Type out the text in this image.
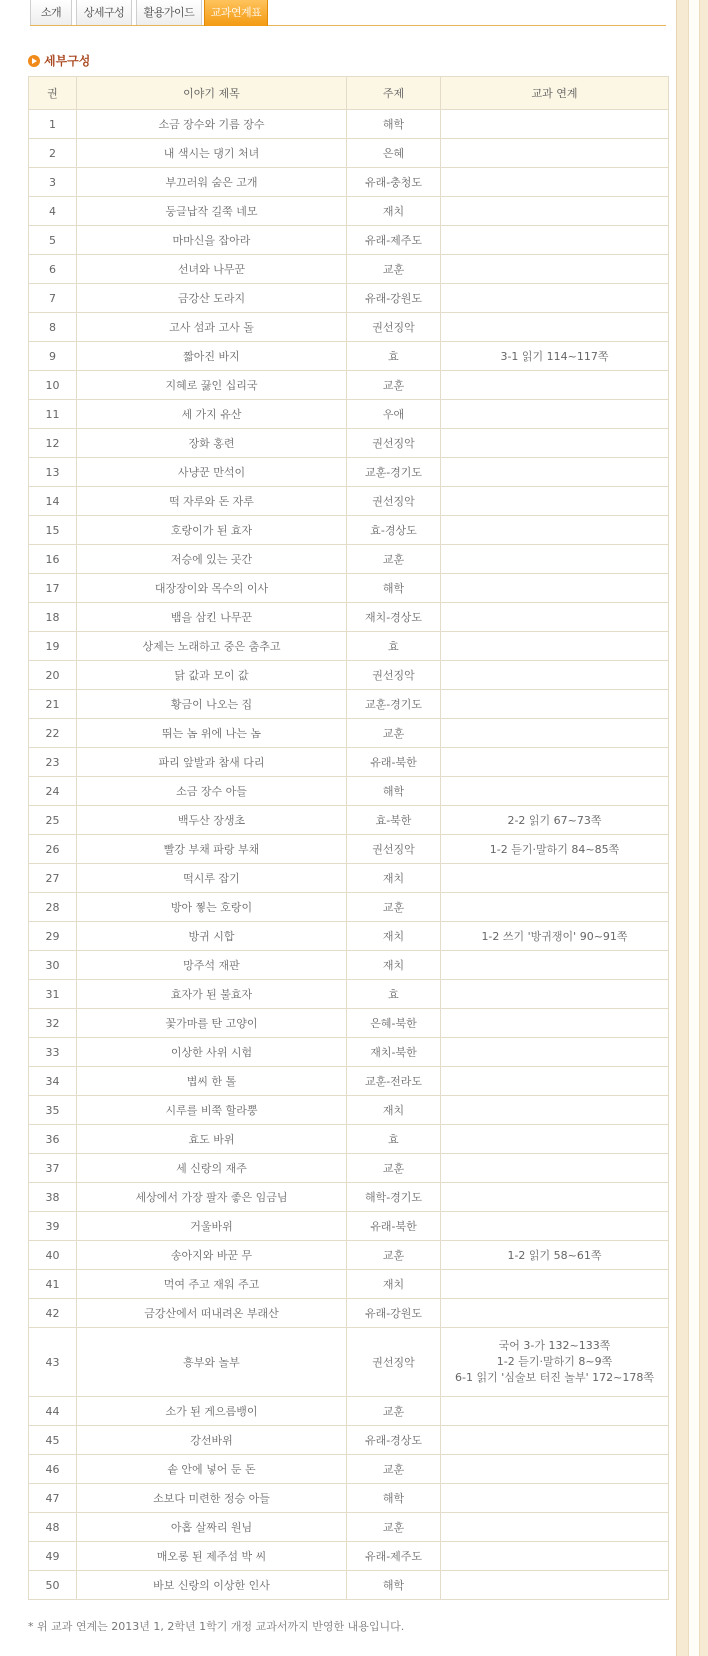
소개	상세구성	활용가이드	교과연계표
세부구성
권	이야기 제목	주제	교과 연계
1	소금 장수와 기름 장수	해학	
2	내 색시는 댕기 처녀	은혜	
3	부끄러워 숨은 고개	유래-충청도	
4	둥글납작 길쭉 네모	재치	
5	마마신을 잡아라	유래-제주도	
6	선녀와 나무꾼	교훈	
7	금강산 도라지	유래-강원도	
8	고사 섬과 고사 돌	권선징악	
9	짧아진 바지	효	3-1 읽기 114~117쪽
10	지혜로 끓인 십리국	교훈	
11	세 가지 유산	우애	
12	장화 홍련	권선징악	
13	사냥꾼 만석이	교훈-경기도	
14	떡 자루와 돈 자루	권선징악	
15	호랑이가 된 효자	효-경상도	
16	저승에 있는 곳간	교훈	
17	대장장이와 목수의 이사	해학	
18	뱀을 삼킨 나무꾼	재치-경상도	
19	상제는 노래하고 중은 춤추고	효	
20	닭 값과 모이 값	권선징악	
21	황금이 나오는 집	교훈-경기도	
22	뛰는 놈 위에 나는 놈	교훈	
23	파리 앞발과 참새 다리	유래-북한	
24	소금 장수 아들	해학	
25	백두산 장생초	효-북한	2-2 읽기 67~73쪽
26	빨강 부채 파랑 부채	권선징악	1-2 듣기·말하기 84~85쪽
27	떡시루 잡기	재치	
28	방아 찧는 호랑이	교훈	
29	방귀 시합	재치	1-2 쓰기 '방귀쟁이' 90~91쪽
30	망주석 재판	재치	
31	효자가 된 불효자	효	
32	꽃가마를 탄 고양이	은혜-북한	
33	이상한 사위 시험	재치-북한	
34	볍씨 한 톨	교훈-전라도	
35	시루를 비쭉 할라뿡	재치	
36	효도 바위	효	
37	세 신랑의 재주	교훈	
38	세상에서 가장 팔자 좋은 임금님	해학-경기도	
39	거울바위	유래-북한	
40	송아지와 바꾼 무	교훈	1-2 읽기 58~61쪽
41	먹여 주고 재워 주고	재치	
42	금강산에서 떠내려온 부래산	유래-강원도	
43	흥부와 놀부	권선징악	국어 3-가 132~133쪽
1-2 듣기·말하기 8~9쪽
6-1 읽기 '심술보 터진 놀부' 172~178쪽
44	소가 된 게으름뱅이	교훈	
45	강선바위	유래-경상도	
46	솥 안에 넣어 둔 돈	교훈	
47	소보다 미련한 정승 아들	해학	
48	아홉 살짜리 원님	교훈	
49	매오롱 된 제주섬 박 씨	유래-제주도	
50	바보 신랑의 이상한 인사	해학	
* 위 교과 연계는 2013년 1, 2학년 1학기 개정 교과서까지 반영한 내용입니다.
